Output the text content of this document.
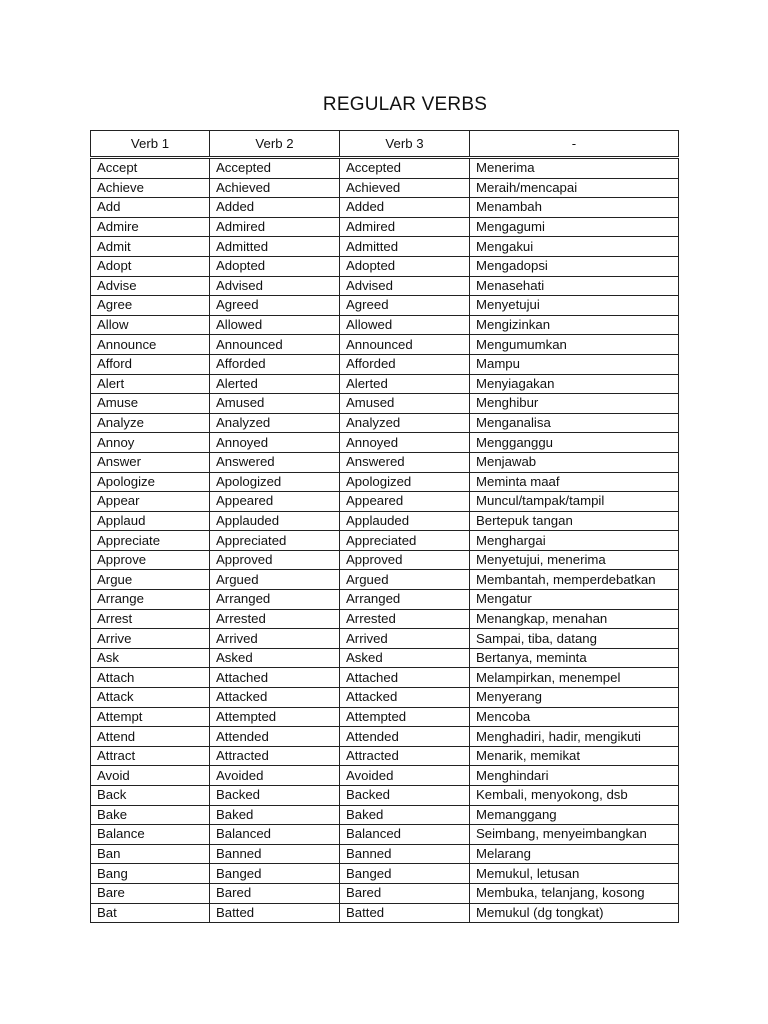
REGULAR VERBS
Verb 1	Verb 2	Verb 3	-
Accept	Accepted	Accepted	Menerima
Achieve	Achieved	Achieved	Meraih/mencapai
Add	Added	Added	Menambah
Admire	Admired	Admired	Mengagumi
Admit	Admitted	Admitted	Mengakui
Adopt	Adopted	Adopted	Mengadopsi
Advise	Advised	Advised	Menasehati
Agree	Agreed	Agreed	Menyetujui
Allow	Allowed	Allowed	Mengizinkan
Announce	Announced	Announced	Mengumumkan
Afford	Afforded	Afforded	Mampu
Alert	Alerted	Alerted	Menyiagakan
Amuse	Amused	Amused	Menghibur
Analyze	Analyzed	Analyzed	Menganalisa
Annoy	Annoyed	Annoyed	Mengganggu
Answer	Answered	Answered	Menjawab
Apologize	Apologized	Apologized	Meminta maaf
Appear	Appeared	Appeared	Muncul/tampak/tampil
Applaud	Applauded	Applauded	Bertepuk tangan
Appreciate	Appreciated	Appreciated	Menghargai
Approve	Approved	Approved	Menyetujui, menerima
Argue	Argued	Argued	Membantah, memperdebatkan
Arrange	Arranged	Arranged	Mengatur
Arrest	Arrested	Arrested	Menangkap, menahan
Arrive	Arrived	Arrived	Sampai, tiba, datang
Ask	Asked	Asked	Bertanya, meminta
Attach	Attached	Attached	Melampirkan, menempel
Attack	Attacked	Attacked	Menyerang
Attempt	Attempted	Attempted	Mencoba
Attend	Attended	Attended	Menghadiri, hadir, mengikuti
Attract	Attracted	Attracted	Menarik, memikat
Avoid	Avoided	Avoided	Menghindari
Back	Backed	Backed	Kembali, menyokong, dsb
Bake	Baked	Baked	Memanggang
Balance	Balanced	Balanced	Seimbang, menyeimbangkan
Ban	Banned	Banned	Melarang
Bang	Banged	Banged	Memukul, letusan
Bare	Bared	Bared	Membuka, telanjang, kosong
Bat	Batted	Batted	Memukul (dg tongkat)
